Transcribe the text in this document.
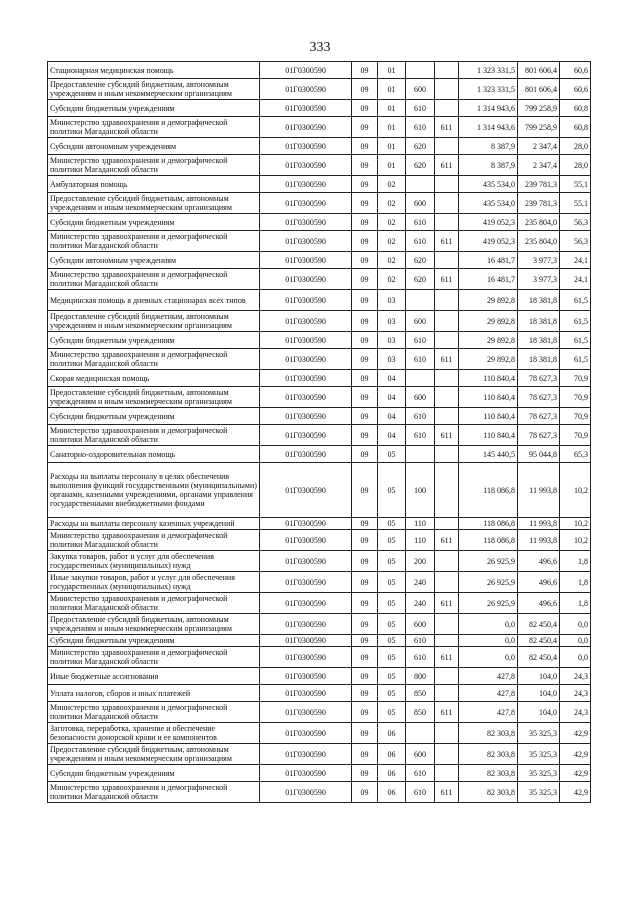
333
Стационарная медицинская помощь	01Г0300590	09	01			1 323 331,5	801 606,4	60,6
Предоставление субсидий бюджетным, автономным учреждениям и иным некоммерческим организациям	01Г0300590	09	01	600		1 323 331,5	801 606,4	60,6
Субсидии бюджетным учреждениям	01Г0300590	09	01	610		1 314 943,6	799 258,9	60,8
Министерство здравоохранения и демографической политики Магаданской области	01Г0300590	09	01	610	611	1 314 943,6	799 258,9	60,8
Субсидии автономным учреждениям	01Г0300590	09	01	620		8 387,9	2 347,4	28,0
Министерство здравоохранения и демографической политики Магаданской области	01Г0300590	09	01	620	611	8 387,9	2 347,4	28,0
Амбулаторная помощь	01Г0300590	09	02			435 534,0	239 781,3	55,1
Предоставление субсидий бюджетным, автономным учреждениям и иным некоммерческим организациям	01Г0300590	09	02	600		435 534,0	239 781,3	55,1
Субсидии бюджетным учреждениям	01Г0300590	09	02	610		419 052,3	235 804,0	56,3
Министерство здравоохранения и демографической политики Магаданской области	01Г0300590	09	02	610	611	419 052,3	235 804,0	56,3
Субсидии автономным учреждениям	01Г0300590	09	02	620		16 481,7	3 977,3	24,1
Министерство здравоохранения и демографической политики Магаданской области	01Г0300590	09	02	620	611	16 481,7	3 977,3	24,1
Медицинская помощь в дневных стационарах всех типов	01Г0300590	09	03			29 892,8	18 381,8	61,5
Предоставление субсидий бюджетным, автономным учреждениям и иным некоммерческим организациям	01Г0300590	09	03	600		29 892,8	18 381,8	61,5
Субсидии бюджетным учреждениям	01Г0300590	09	03	610		29 892,8	18 381,8	61,5
Министерство здравоохранения и демографической политики Магаданской области	01Г0300590	09	03	610	611	29 892,8	18 381,8	61,5
Скорая медицинская помощь	01Г0300590	09	04			110 840,4	78 627,3	70,9
Предоставление субсидий бюджетным, автономным учреждениям и иным некоммерческим организациям	01Г0300590	09	04	600		110 840,4	78 627,3	70,9
Субсидии бюджетным учреждениям	01Г0300590	09	04	610		110 840,4	78 627,3	70,9
Министерство здравоохранения и демографической политики Магаданской области	01Г0300590	09	04	610	611	110 840,4	78 627,3	70,9
Санаторно-оздоровительная помощь	01Г0300590	09	05			145 440,5	95 044,8	65,3
Расходы на выплаты персоналу в целях обеспечения выполнения функций государственными (муниципальными) органами, казенными учреждениями, органами управления государственными внебюджетными фондами	01Г0300590	09	05	100		118 086,8	11 993,8	10,2
Расходы на выплаты персоналу казенных учреждений	01Г0300590	09	05	110		118 086,8	11 993,8	10,2
Министерство здравоохранения и демографической политики Магаданской области	01Г0300590	09	05	110	611	118 086,8	11 993,8	10,2
Закупка товаров, работ и услуг для обеспечения государственных (муниципальных) нужд	01Г0300590	09	05	200		26 925,9	496,6	1,8
Иные закупки товаров, работ и услуг для обеспечения государственных (муниципальных) нужд	01Г0300590	09	05	240		26 925,9	496,6	1,8
Министерство здравоохранения и демографической политики Магаданской области	01Г0300590	09	05	240	611	26 925,9	496,6	1,8
Предоставление субсидий бюджетным, автономным учреждениям и иным некоммерческим организациям	01Г0300590	09	05	600		0,0	82 450,4	0,0
Субсидии бюджетным учреждениям	01Г0300590	09	05	610		0,0	82 450,4	0,0
Министерство здравоохранения и демографической политики Магаданской области	01Г0300590	09	05	610	611	0,0	82 450,4	0,0
Иные бюджетные ассигнования	01Г0300590	09	05	800		427,8	104,0	24,3
Уплата налогов, сборов и иных платежей	01Г0300590	09	05	850		427,8	104,0	24,3
Министерство здравоохранения и демографической политики Магаданской области	01Г0300590	09	05	850	611	427,8	104,0	24,3
Заготовка, переработка, хранение и обеспечение безопасности донорской крови и ее компонентов	01Г0300590	09	06			82 303,8	35 325,3	42,9
Предоставление субсидий бюджетным, автономным учреждениям и иным некоммерческим организациям	01Г0300590	09	06	600		82 303,8	35 325,3	42,9
Субсидии бюджетным учреждениям	01Г0300590	09	06	610		82 303,8	35 325,3	42,9
Министерство здравоохранения и демографической политики Магаданской области	01Г0300590	09	06	610	611	82 303,8	35 325,3	42,9
